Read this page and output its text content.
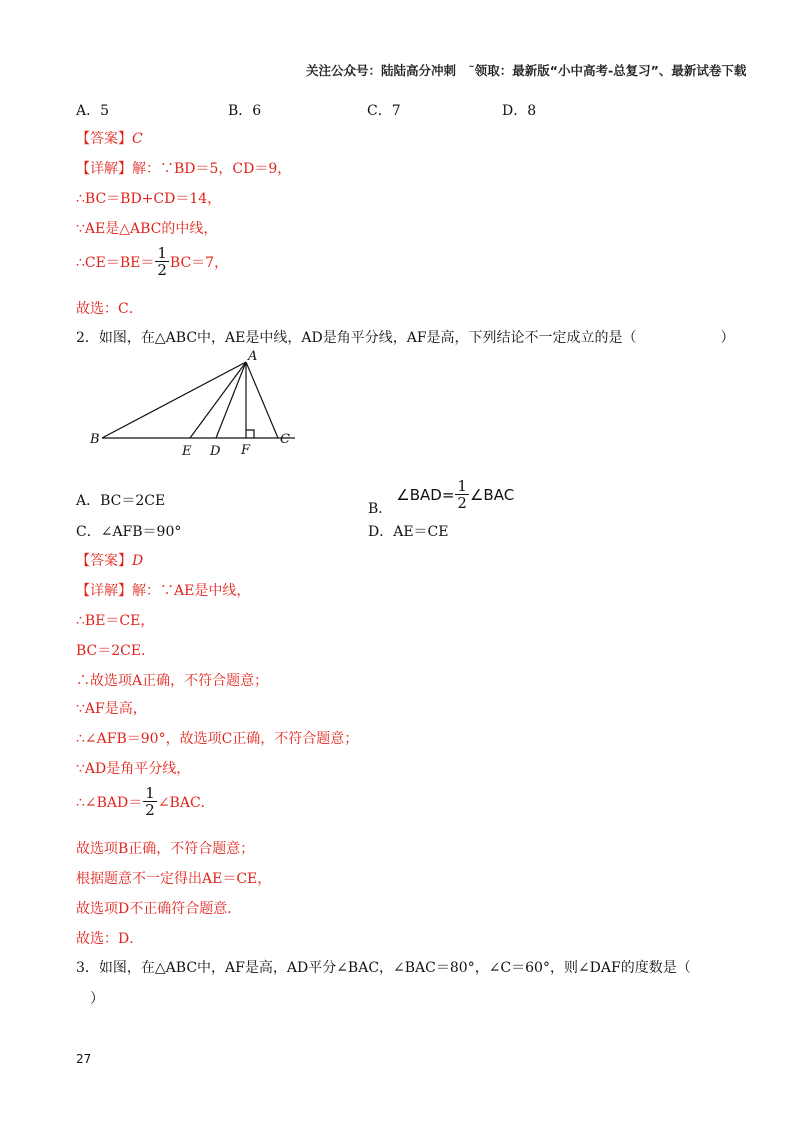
关注公众号：陆陆高分冲刺　˜领取：最新版“小中高考-总复习”、最新试卷下载
A．5	B．6	C．7	D．8
【答案】C
【详解】解：∵BD＝5，CD＝9，
∴BC＝BD+CD＝14，
∵AE是△ABC的中线，
∴CE＝BE＝ $\frac{1}{2} BC=7$，
故选：C．
2．如图，在△ABC中，AE是中线，AD是角平分线，AF是高，下列结论不一定成立的是（　　　　　　）
A
B	C
E D F
A．BC＝2CE	B．
∠BAD= $\frac{1}{2}$ ∠BAC
C．∠AFB＝90°	D．AE＝CE
【答案】D
【详解】解：∵AE是中线，
∴BE＝CE，
BC＝2CE．
∴故选项A正确，不符合题意；
∵AF是高，
∴∠AFB＝90°，故选项C正确，不符合题意；
∵AD是角平分线，
∴∠BAD＝ $\frac{1}{2}$ ∠BAC．
故选项B正确，不符合题意；
根据题意不一定得出AE＝CE，
故选项D不正确符合题意．
故选：D．
3．如图，在△ABC中，AF是高，AD平分∠BAC，∠BAC＝80°，∠C＝60°，则∠DAF的度数是（
）
27
